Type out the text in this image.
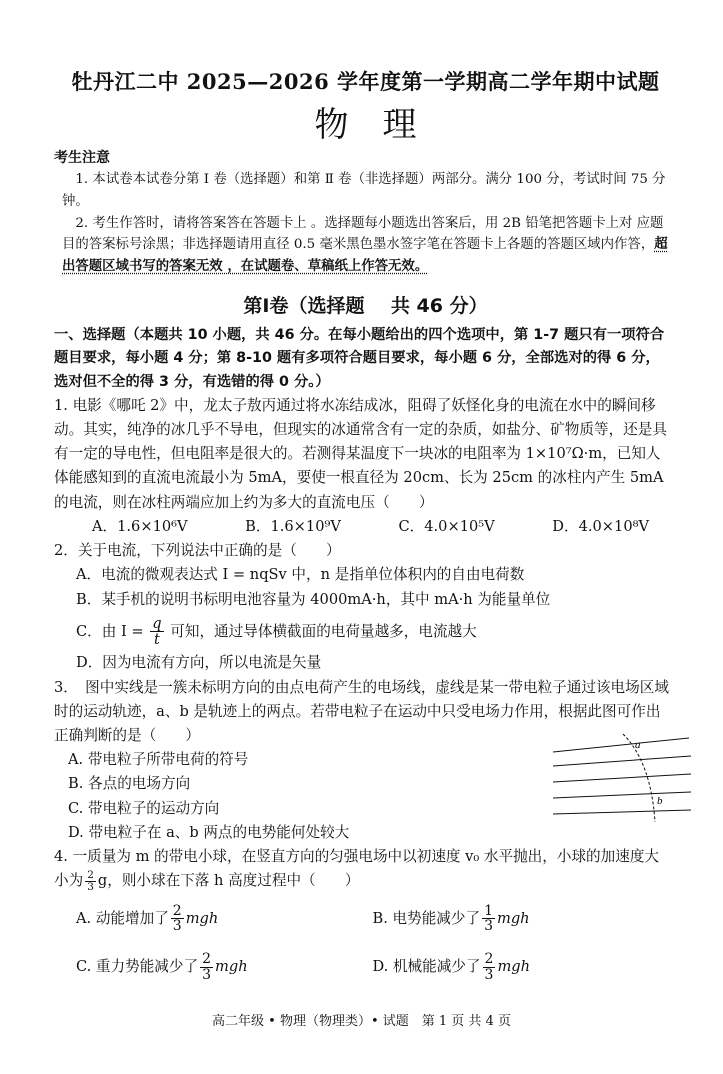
牡丹江二中 2025—2026 学年度第一学期高二学年期中试题
物理
考生注意

1. 本试卷本试卷分第 Ⅰ 卷（选择题）和第 Ⅱ 卷（非选择题）两部分。满分 100 分，考试时间 75 分钟。

2. 考生作答时，请将答案答在答题卡上 。选择题每小题选出答案后，用 2B 铅笔把答题卡上对 应题目的答案标号涂黑；非选择题请用直径 0.5 毫米黑色墨水签字笔在答题卡上各题的答题区域内作答，超出答题区域书写的答案无效 ，在试题卷、草稿纸上作答无效。

第Ⅰ卷（选择题    共 46 分）
一、选择题（本题共 10 小题，共 46 分。在每小题给出的四个选项中，第 1-7 题只有一项符合题目要求，每小题 4 分；第 8-10 题有多项符合题目要求，每小题 6 分，全部选对的得 6 分，选对但不全的得 3 分，有选错的得 0 分。）

1. 电影《哪吒 2》中，龙太子敖丙通过将水冻结成冰，阻碍了妖怪化身的电流在水中的瞬间移动。其实，纯净的冰几乎不导电，但现实的冰通常含有一定的杂质，如盐分、矿物质等，还是具有一定的导电性，但电阻率是很大的。若测得某温度下一块冰的电阻率为 1×10⁷Ω·m，已知人体能感知到的直流电流最小为 5mA，要使一根直径为 20cm、长为 25cm 的冰柱内产生 5mA 的电流，则在冰柱两端应加上约为多大的直流电压（　　）

A．1.6×10⁶V	B．1.6×10⁹V	C．4.0×10⁵V	D．4.0×10⁸V
2．关于电流，下列说法中正确的是（　　）
A．电流的微观表达式 I = nqSv 中，n 是指单位体积内的自由电荷数
B．某手机的说明书标明电池容量为 4000mA·h，其中 mA·h 为能量单位
C．由 $I = \frac{q}{t}$ 可知，通过导体横截面的电荷量越多，电流越大
D．因为电流有方向，所以电流是矢量

3．　图中实线是一簇未标明方向的由点电荷产生的电场线，虚线是某一带电粒子通过该电场区域时的运动轨迹，a、b 是轨迹上的两点。若带电粒子在运动中只受电场力作用，根据此图可作出正确判断的是（　　）

A. 带电粒子所带电荷的符号
B. 各点的电场方向
C. 带电粒子的运动方向
D. 带电粒子在 a、b 两点的电势能何处较大
a
b
4. 一质量为 m 的带电小球，在竖直方向的匀强电场中以初速度 v₀ 水平抛出，小球的加速度大小为 $\frac{2}{3}$ g，则小球在下落 h 高度过程中（　　）
A. 动能增加了 $\frac{2}{3}$ mgh	B. 电势能减少了 $\frac{1}{3}$ mgh
C. 重力势能减少了 $\frac{2}{3}$ mgh	D. 机械能减少了 $\frac{2}{3}$ mgh
高二年级 • 物理（物理类）• 试题　第 1 页 共 4 页
